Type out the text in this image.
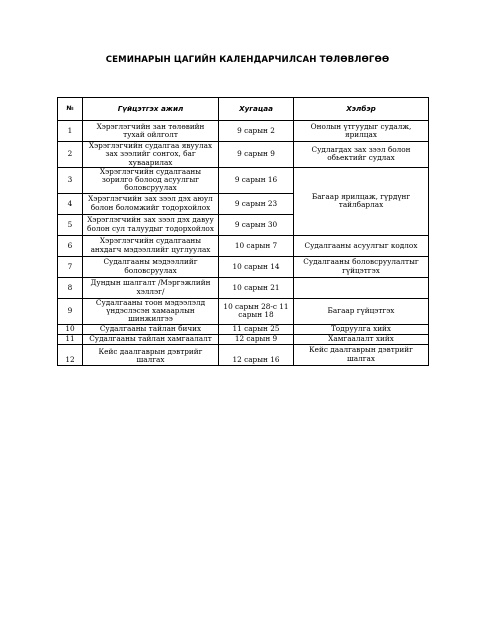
СЕМИНАРЫН ЦАГИЙН КАЛЕНДАРЧИЛСАН ТӨЛӨВЛӨГӨӨ
№	Гүйцэтгэх ажил	Хугацаа	Хэлбэр
1	Хэрэглэгчийн зан төлөвийн тухай ойлголт	9 сарын 2	Онолын үтгуудыг судалж, ярилцах
2	Хэрэглэгчийн судалгаа явуулах зах зээлийг сонгох, баг хуваарилах	9 сарын 9	Судлагдах зах зээл болон обьектийг судлах
3	Хэрэглэгчийн судалгааны зорилго болоод асуулгыг боловсруулах	9 сарын 16	Багаар ярилцаж, гүрдүнг тайлбарлах
4	Хэрэглэгчийн зах зээл дэх аюул болон боломжийг тодорхойлох	9 сарын 23	
5	Хэрэглэгчийн зах зээл дэх давуу болон сул талуудыг тодорхойлох	9 сарын 30	
6	Хэрэглэгчийн судалгааны анхдагч мэдээллийг цуглуулах	10 сарын 7	Судалгааны асуулгыг кодлох
7	Судалгааны мэдээллийг боловсруулах	10 сарын 14	Судалгааны боловсруулалтыг гүйцэтгэх
8	Дундын шалгалт /Мэргэжлийн хэллэг/	10 сарын 21	
9	Судалгааны тоон мэдээлэлд үндэслэсэн хамаарлын шинжилгээ	10 сарын 28-с 11 сарын 18	Багаар гүйцэтгэх
10	Судалгааны тайлан бичих	11 сарын 25	Тодруулга хийх
11	Судалгааны тайлан хамгаалалт	12 сарын 9	Хамгаалалт хийх
12	Кейс даалгаврын дэвтрийг шалгах	12 сарын 16	Кейс даалгаврын дэвтрийг шалгах
